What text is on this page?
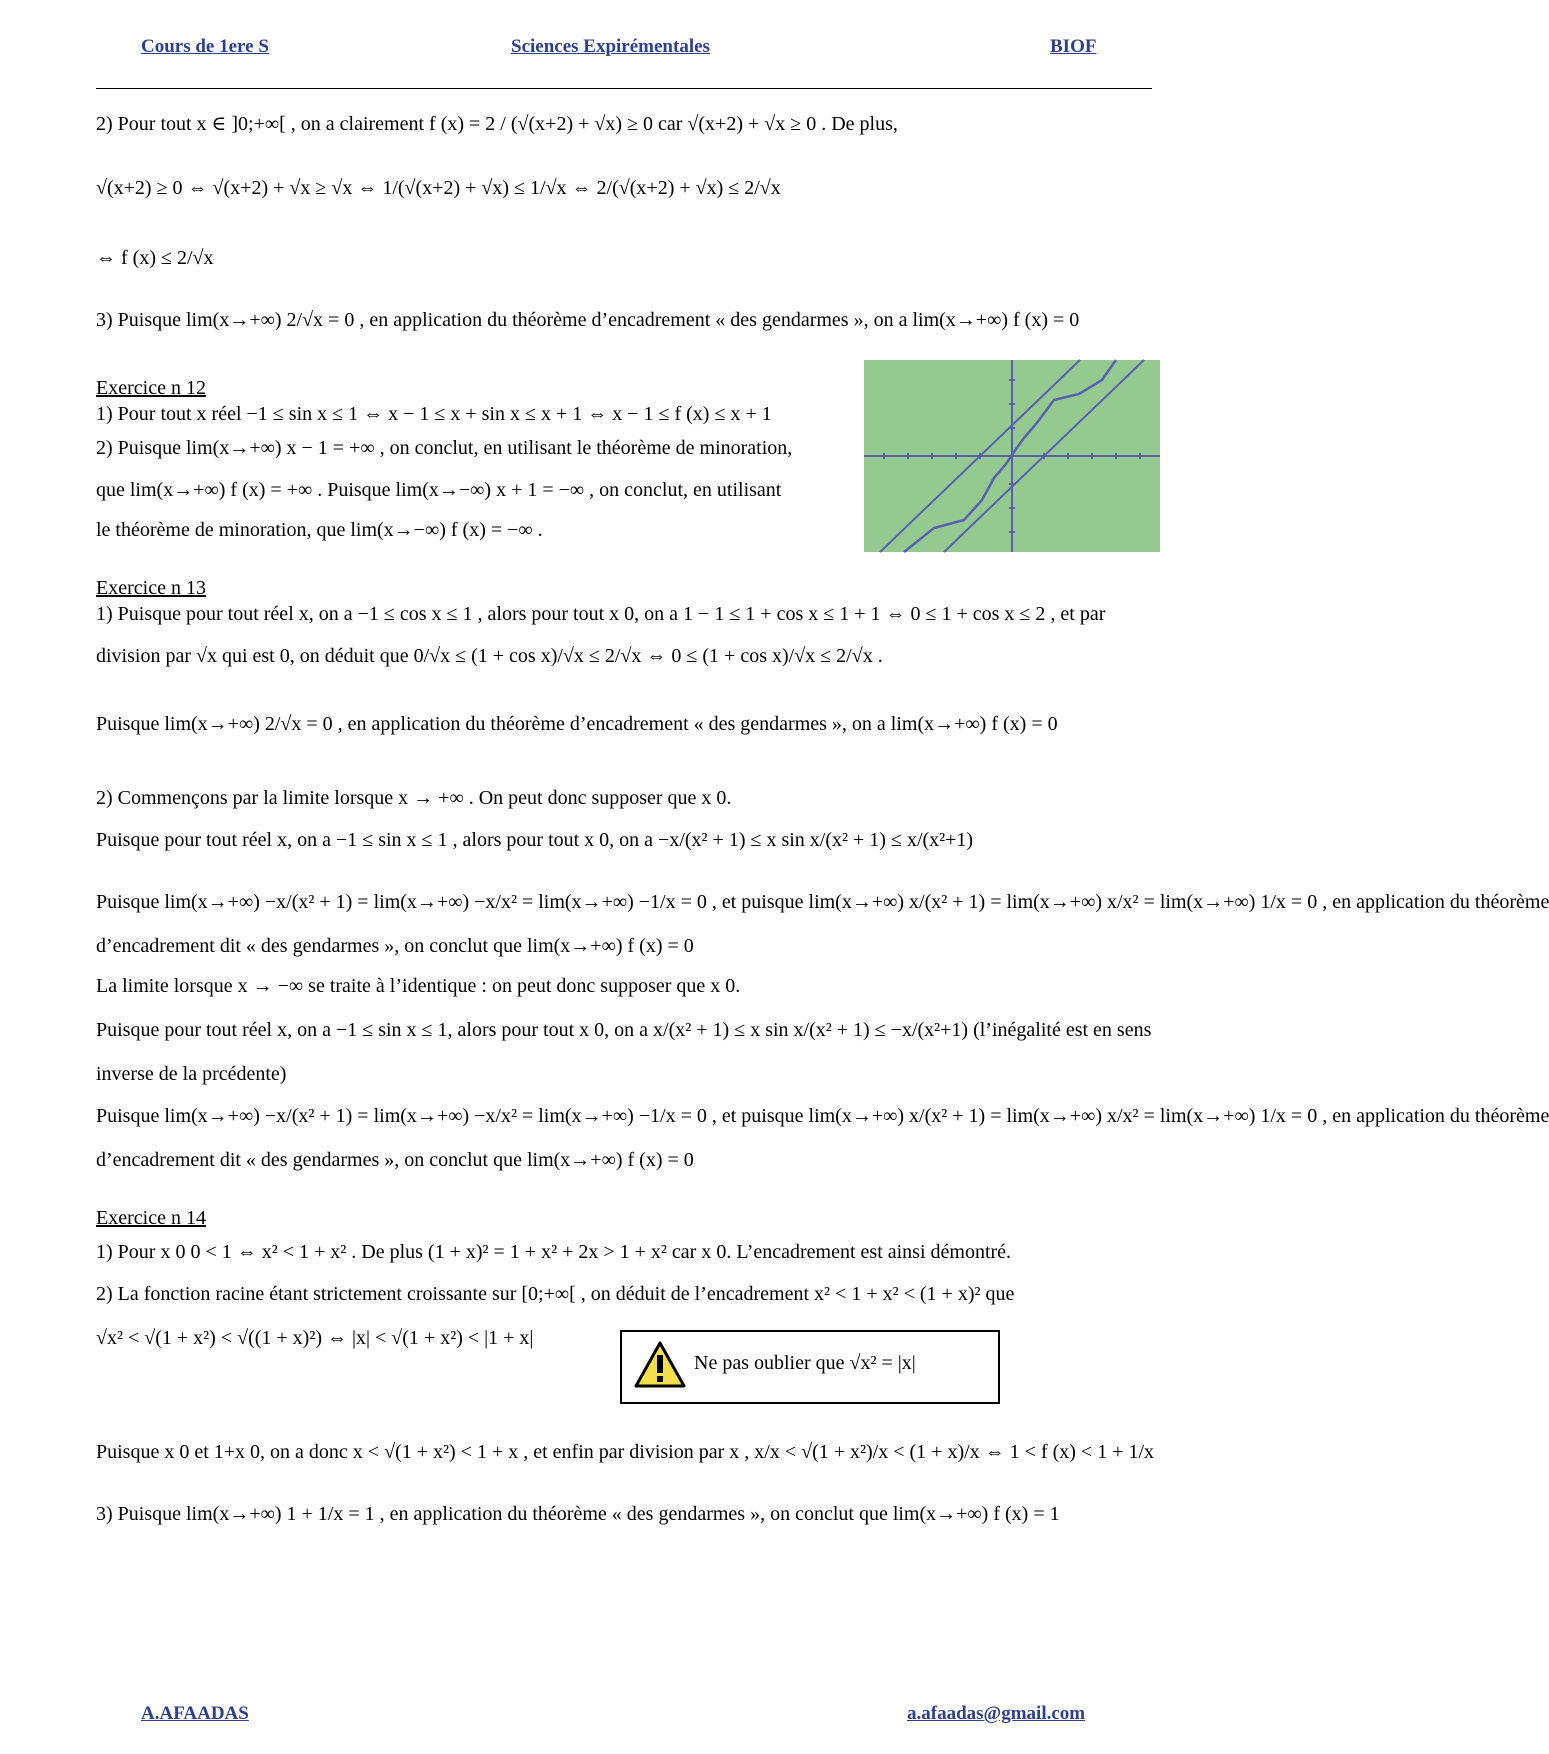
Cours de 1ere S	Sciences Expirémentales	BIOF
2) Pour tout x ∈ ]0;+∞[ , on a clairement f (x) = 2 / (√(x+2) + √x) ≥ 0 car √(x+2) + √x ≥ 0 . De plus,
√(x+2) ≥ 0 ⇔ √(x+2) + √x ≥ √x ⇔ 1/(√(x+2) + √x) ≤ 1/√x ⇔ 2/(√(x+2) + √x) ≤ 2/√x
⇔ f (x) ≤ 2/√x
3) Puisque lim(x→+∞) 2/√x = 0 , en application du théorème d’encadrement « des gendarmes », on a lim(x→+∞) f (x) = 0
Exercice n 12
1) Pour tout x réel −1 ≤ sin x ≤ 1 ⇔ x − 1 ≤ x + sin x ≤ x + 1 ⇔ x − 1 ≤ f (x) ≤ x + 1
2) Puisque lim(x→+∞) x − 1 = +∞ , on conclut, en utilisant le théorème de minoration,
que lim(x→+∞) f (x) = +∞ . Puisque lim(x→−∞) x + 1 = −∞ , on conclut, en utilisant
le théorème de minoration, que lim(x→−∞) f (x) = −∞ .
Exercice n 13
1) Puisque pour tout réel x, on a −1 ≤ cos x ≤ 1 , alors pour tout x 0, on a 1 − 1 ≤ 1 + cos x ≤ 1 + 1 ⇔ 0 ≤ 1 + cos x ≤ 2 , et par
division par √x qui est 0, on déduit que 0/√x ≤ (1 + cos x)/√x ≤ 2/√x ⇔ 0 ≤ (1 + cos x)/√x ≤ 2/√x .
Puisque lim(x→+∞) 2/√x = 0 , en application du théorème d’encadrement « des gendarmes », on a lim(x→+∞) f (x) = 0
2) Commençons par la limite lorsque x → +∞ . On peut donc supposer que x 0.
Puisque pour tout réel x, on a −1 ≤ sin x ≤ 1 , alors pour tout x 0, on a −x/(x² + 1) ≤ x sin x/(x² + 1) ≤ x/(x²+1)
Puisque lim(x→+∞) −x/(x² + 1) = lim(x→+∞) −x/x² = lim(x→+∞) −1/x = 0 , et puisque lim(x→+∞) x/(x² + 1) = lim(x→+∞) x/x² = lim(x→+∞) 1/x = 0 , en application du théorème
d’encadrement dit « des gendarmes », on conclut que lim(x→+∞) f (x) = 0
La limite lorsque x → −∞ se traite à l’identique : on peut donc supposer que x 0.
Puisque pour tout réel x, on a −1 ≤ sin x ≤ 1, alors pour tout x 0, on a x/(x² + 1) ≤ x sin x/(x² + 1) ≤ −x/(x²+1) (l’inégalité est en sens
inverse de la prcédente)
Puisque lim(x→+∞) −x/(x² + 1) = lim(x→+∞) −x/x² = lim(x→+∞) −1/x = 0 , et puisque lim(x→+∞) x/(x² + 1) = lim(x→+∞) x/x² = lim(x→+∞) 1/x = 0 , en application du théorème
d’encadrement dit « des gendarmes », on conclut que lim(x→+∞) f (x) = 0
Exercice n 14
1) Pour x 0 0 < 1 ⇔ x² < 1 + x² . De plus (1 + x)² = 1 + x² + 2x > 1 + x² car x 0. L’encadrement est ainsi démontré.
2) La fonction racine étant strictement croissante sur [0;+∞[ , on déduit de l’encadrement x² < 1 + x² < (1 + x)² que
√x² < √(1 + x²) < √((1 + x)²) ⇔ |x| < √(1 + x²) < |1 + x|
Ne pas oublier que √x² = |x|
Puisque x 0 et 1+x 0, on a donc x < √(1 + x²) < 1 + x , et enfin par division par x , x/x < √(1 + x²)/x < (1 + x)/x ⇔ 1 < f (x) < 1 + 1/x
3) Puisque lim(x→+∞) 1 + 1/x = 1 , en application du théorème « des gendarmes », on conclut que lim(x→+∞) f (x) = 1
A.AFAADAS	a.afaadas@gmail.com
